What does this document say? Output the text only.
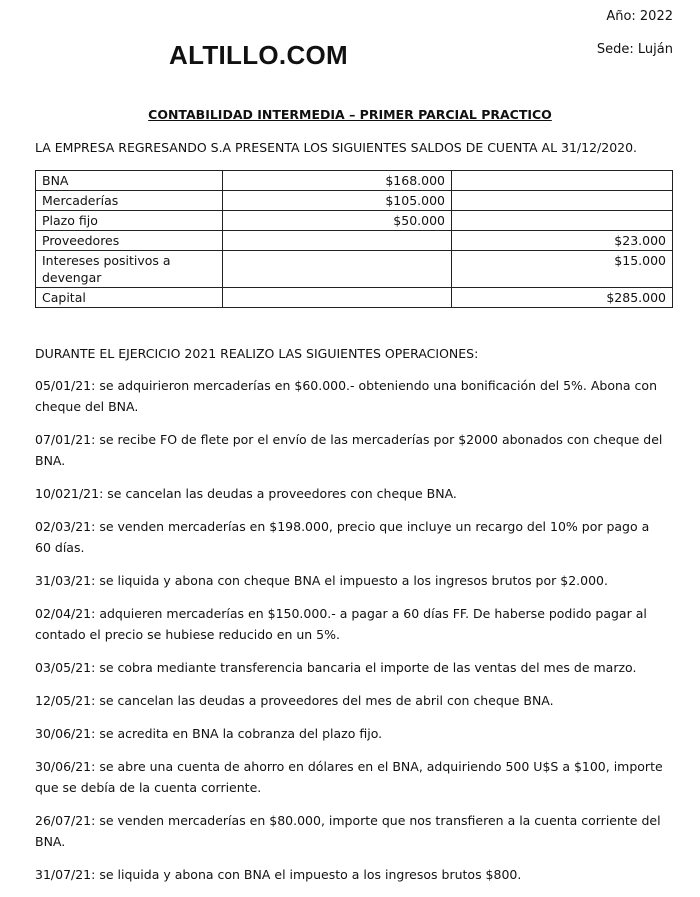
Año: 2022
ALTILLO.COM	Sede: Luján
CONTABILIDAD INTERMEDIA – PRIMER PARCIAL PRACTICO
LA EMPRESA REGRESANDO S.A PRESENTA LOS SIGUIENTES SALDOS DE CUENTA AL 31/12/2020.
BNA	$168.000	
Mercaderías	$105.000	
Plazo fijo	$50.000	
Proveedores		$23.000
Intereses positivos a devengar		$15.000
Capital		$285.000
DURANTE EL EJERCICIO 2021 REALIZO LAS SIGUIENTES OPERACIONES:

05/01/21: se adquirieron mercaderías en $60.000.- obteniendo una bonificación del 5%. Abona con cheque del BNA.

07/01/21: se recibe FO de flete por el envío de las mercaderías por $2000 abonados con cheque del BNA.

10/021/21: se cancelan las deudas a proveedores con cheque BNA.

02/03/21: se venden mercaderías en $198.000, precio que incluye un recargo del 10% por pago a 60 días.

31/03/21: se liquida y abona con cheque BNA el impuesto a los ingresos brutos por $2.000.

02/04/21: adquieren mercaderías en $150.000.- a pagar a 60 días FF. De haberse podido pagar al contado el precio se hubiese reducido en un 5%.

03/05/21: se cobra mediante transferencia bancaria el importe de las ventas del mes de marzo.

12/05/21: se cancelan las deudas a proveedores del mes de abril con cheque BNA.

30/06/21: se acredita en BNA la cobranza del plazo fijo.

30/06/21: se abre una cuenta de ahorro en dólares en el BNA, adquiriendo 500 U$S a $100, importe que se debía de la cuenta corriente.

26/07/21: se venden mercaderías en $80.000, importe que nos transfieren a la cuenta corriente del BNA.

31/07/21: se liquida y abona con BNA el impuesto a los ingresos brutos $800.
